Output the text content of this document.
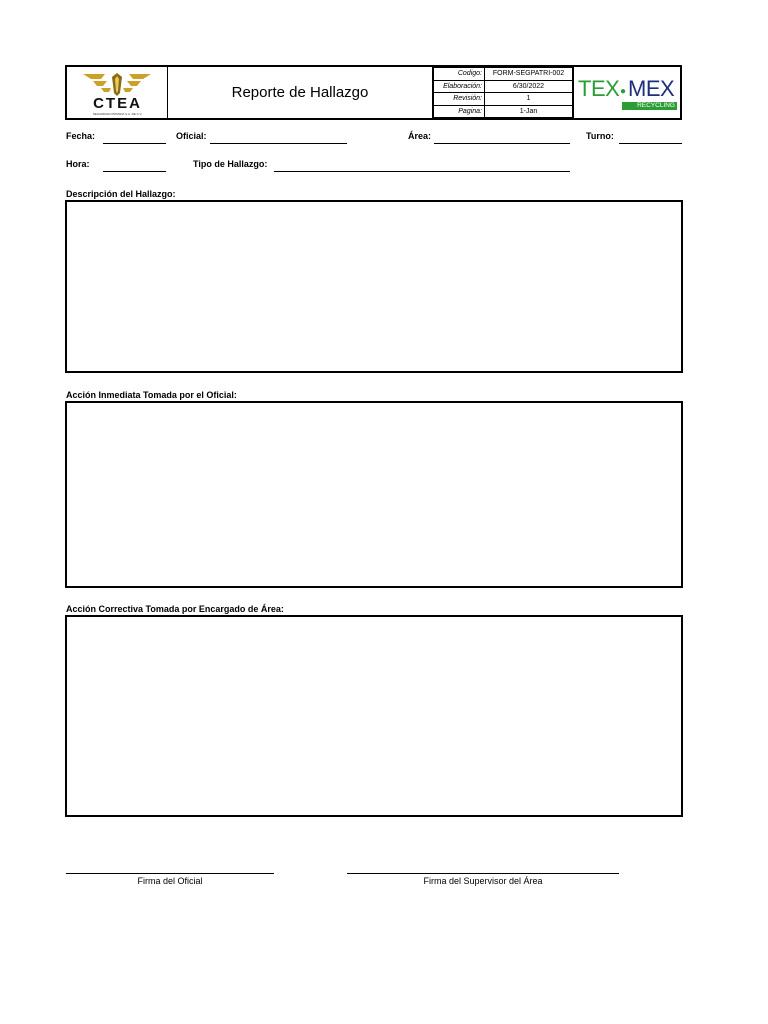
CTEA
SEGURIDAD PRIVADA S.A. DE C.V.
Reporte de Hallazgo
Codigo:	FORM-SEGPATRI-002
Elaboración:	6/30/2022
Revisión:	1
Pagina:	1-Jan
TEX ● MEX
RECYCLING
Fecha:	Oficial:	Área:	Turno:
Hora:	Tipo de Hallazgo:
Descripción del Hallazgo:
Acción Inmediata Tomada por el Oficial:
Acción Correctiva Tomada por Encargado de Área:
Firma del Oficial	Firma del Supervisor del Área
